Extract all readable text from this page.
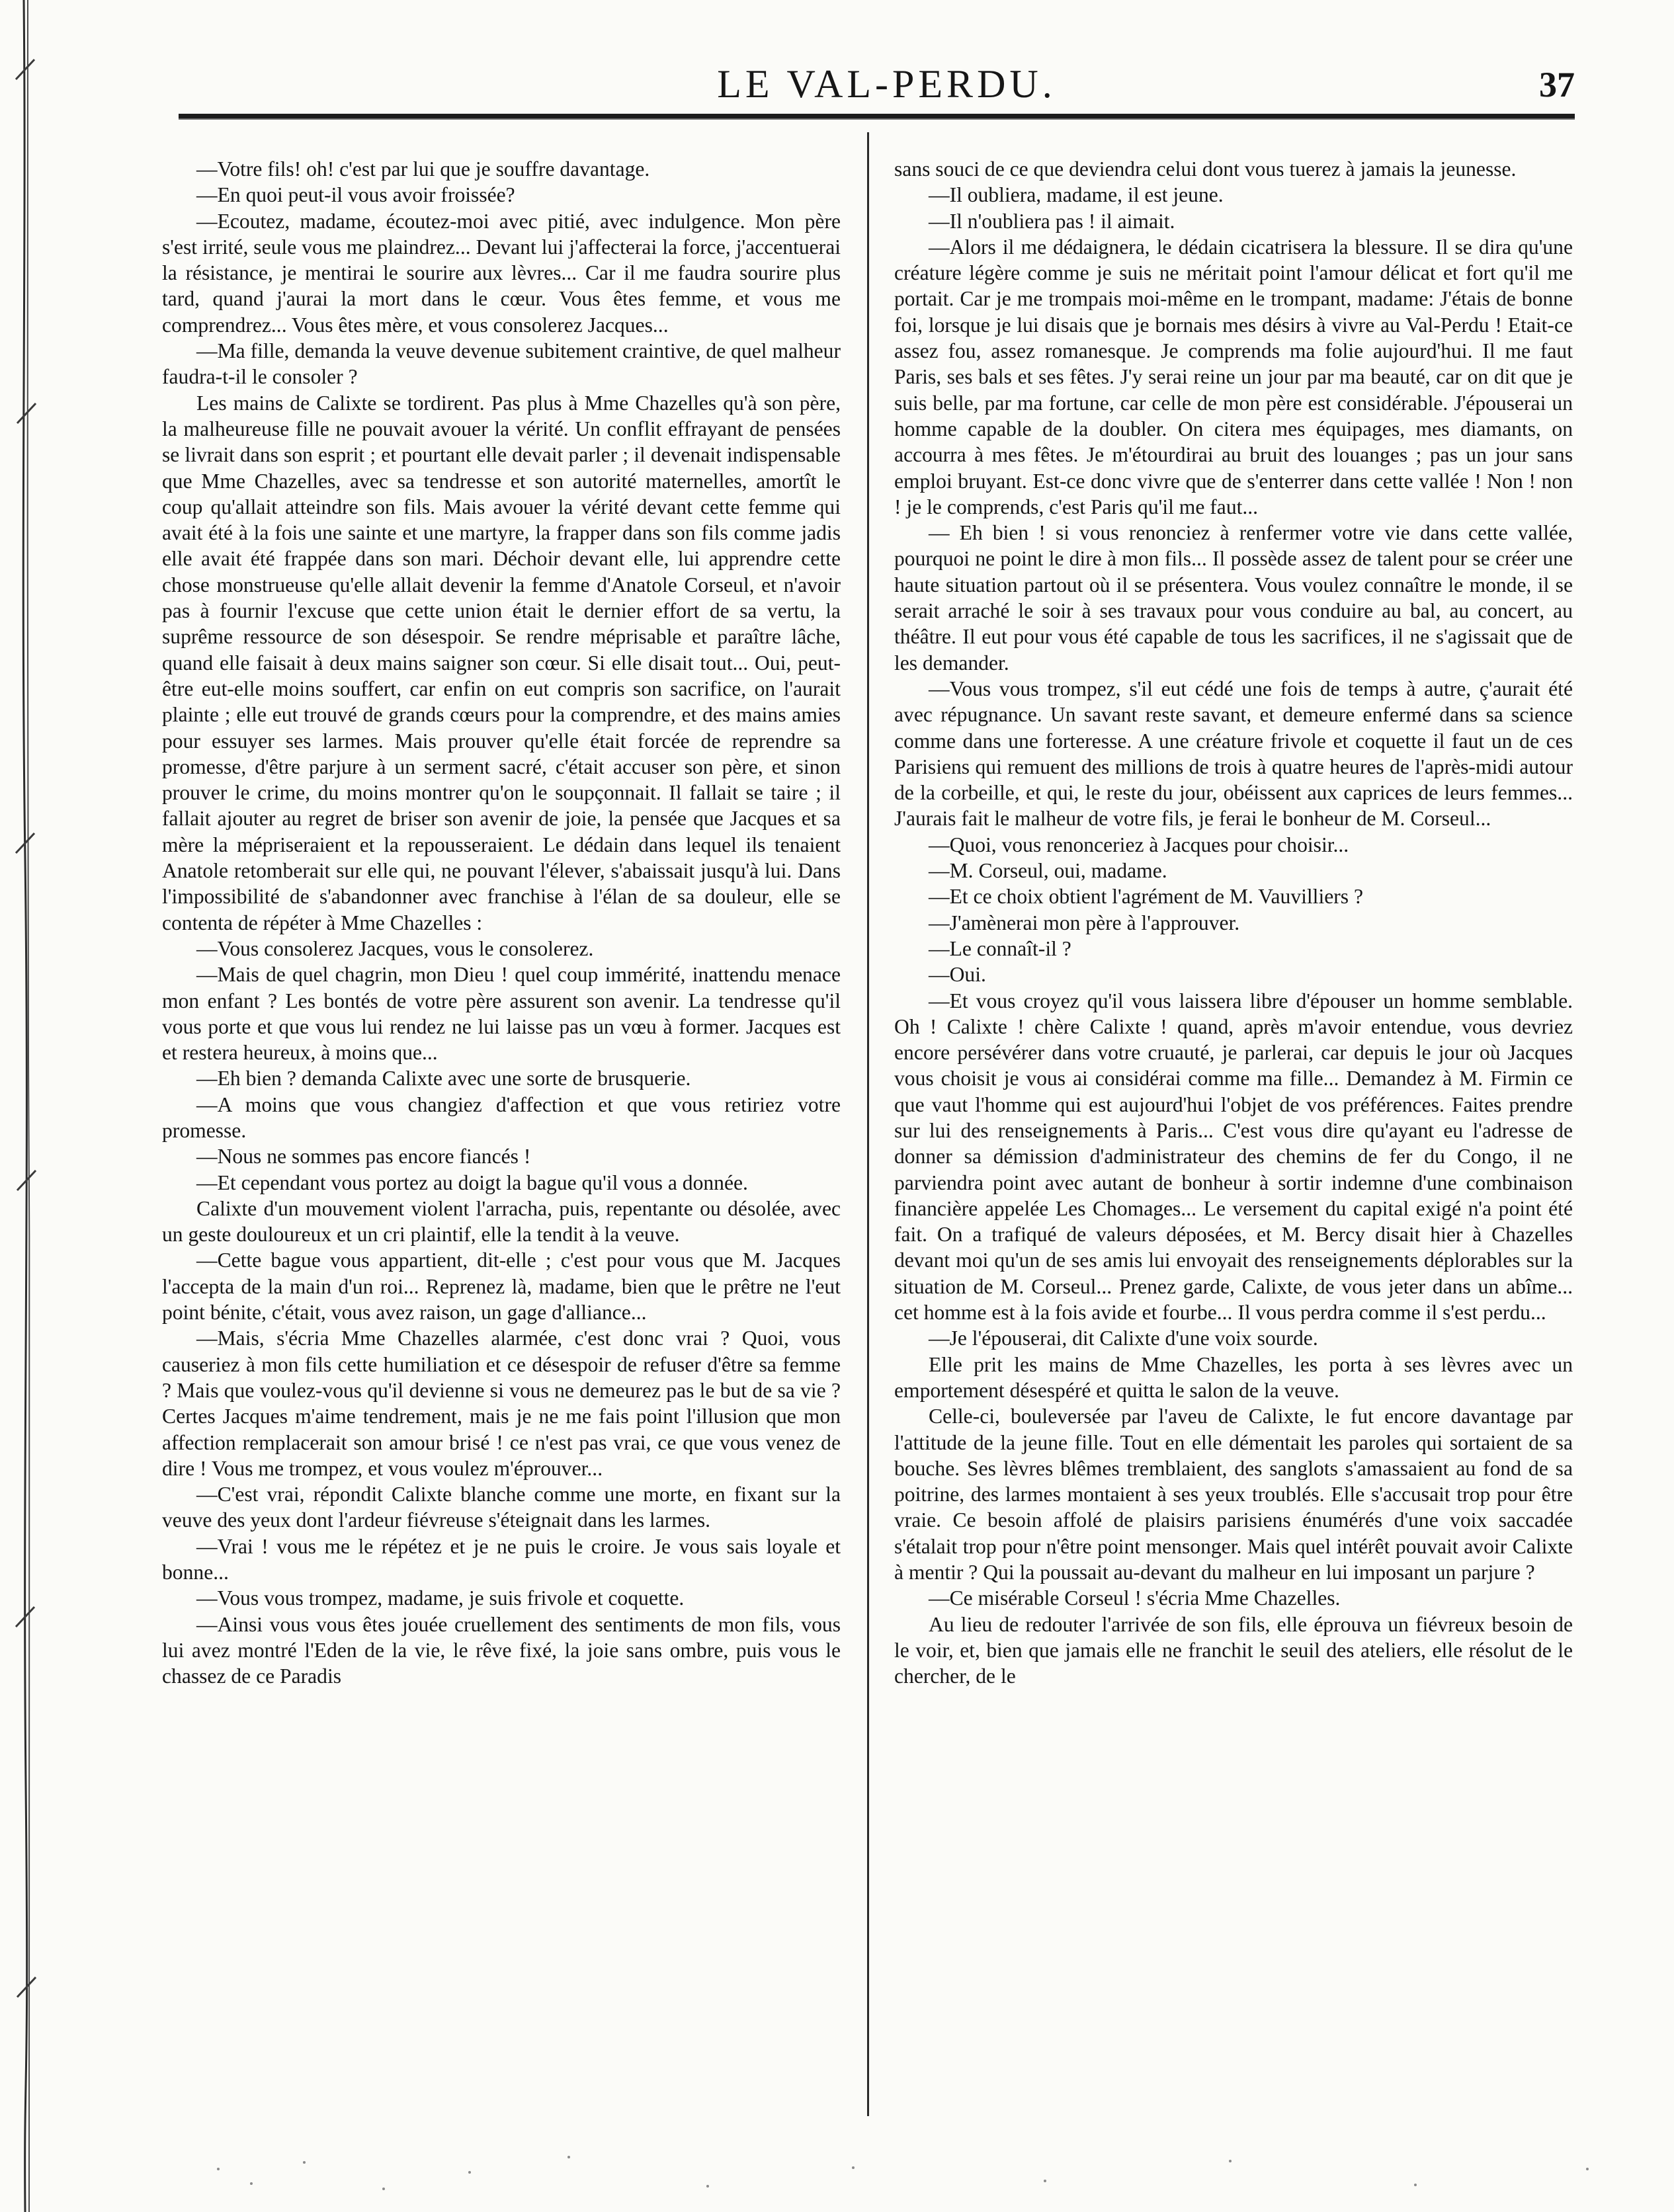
LE VAL-PERDU.	37

—Votre fils! oh! c'est par lui que je souffre davantage.

—En quoi peut-il vous avoir froissée?

—Ecoutez, madame, écoutez-moi avec pitié, avec indulgence. Mon père s'est irrité, seule vous me plaindrez... Devant lui j'affecterai la force, j'accentuerai la résistance, je mentirai le sourire aux lèvres... Car il me faudra sourire plus tard, quand j'aurai la mort dans le cœur. Vous êtes femme, et vous me comprendrez... Vous êtes mère, et vous consolerez Jacques...

—Ma fille, demanda la veuve devenue subitement craintive, de quel malheur faudra-t-il le consoler ?

Les mains de Calixte se tordirent. Pas plus à Mme Chazelles qu'à son père, la malheureuse fille ne pouvait avouer la vérité. Un conflit effrayant de pensées se livrait dans son esprit ; et pourtant elle devait parler ; il devenait indispensable que Mme Chazelles, avec sa tendresse et son autorité maternelles, amortît le coup qu'allait atteindre son fils. Mais avouer la vérité devant cette femme qui avait été à la fois une sainte et une martyre, la frapper dans son fils comme jadis elle avait été frappée dans son mari. Déchoir devant elle, lui apprendre cette chose monstrueuse qu'elle allait devenir la femme d'Anatole Corseul, et n'avoir pas à fournir l'excuse que cette union était le dernier effort de sa vertu, la suprême ressource de son désespoir. Se rendre méprisable et paraître lâche, quand elle faisait à deux mains saigner son cœur. Si elle disait tout... Oui, peut-être eut-elle moins souffert, car enfin on eut compris son sacrifice, on l'aurait plainte ; elle eut trouvé de grands cœurs pour la comprendre, et des mains amies pour essuyer ses larmes. Mais prouver qu'elle était forcée de reprendre sa promesse, d'être parjure à un serment sacré, c'était accuser son père, et sinon prouver le crime, du moins montrer qu'on le soupçonnait. Il fallait se taire ; il fallait ajouter au regret de briser son avenir de joie, la pensée que Jacques et sa mère la mépriseraient et la repousseraient. Le dédain dans lequel ils tenaient Anatole retomberait sur elle qui, ne pouvant l'élever, s'abaissait jusqu'à lui. Dans l'impossibilité de s'abandonner avec franchise à l'élan de sa douleur, elle se contenta de répéter à Mme Chazelles :

—Vous consolerez Jacques, vous le consolerez.

—Mais de quel chagrin, mon Dieu ! quel coup immérité, inattendu menace mon enfant ? Les bontés de votre père assurent son avenir. La tendresse qu'il vous porte et que vous lui rendez ne lui laisse pas un vœu à former. Jacques est et restera heureux, à moins que...

—Eh bien ? demanda Calixte avec une sorte de brusquerie.

—A moins que vous changiez d'affection et que vous retiriez votre promesse.

—Nous ne sommes pas encore fiancés !

—Et cependant vous portez au doigt la bague qu'il vous a donnée.

Calixte d'un mouvement violent l'arracha, puis, repentante ou désolée, avec un geste douloureux et un cri plaintif, elle la tendit à la veuve.

—Cette bague vous appartient, dit-elle ; c'est pour vous que M. Jacques l'accepta de la main d'un roi... Reprenez là, madame, bien que le prêtre ne l'eut point bénite, c'était, vous avez raison, un gage d'alliance...

—Mais, s'écria Mme Chazelles alarmée, c'est donc vrai ? Quoi, vous causeriez à mon fils cette humiliation et ce désespoir de refuser d'être sa femme ? Mais que voulez-vous qu'il devienne si vous ne demeurez pas le but de sa vie ? Certes Jacques m'aime tendrement, mais je ne me fais point l'illusion que mon affection remplacerait son amour brisé ! ce n'est pas vrai, ce que vous venez de dire ! Vous me trompez, et vous voulez m'éprouver...

—C'est vrai, répondit Calixte blanche comme une morte, en fixant sur la veuve des yeux dont l'ardeur fiévreuse s'éteignait dans les larmes.

—Vrai ! vous me le répétez et je ne puis le croire. Je vous sais loyale et bonne...

—Vous vous trompez, madame, je suis frivole et coquette.

—Ainsi vous vous êtes jouée cruellement des sentiments de mon fils, vous lui avez montré l'Eden de la vie, le rêve fixé, la joie sans ombre, puis vous le chassez de ce Paradis

sans souci de ce que deviendra celui dont vous tuerez à jamais la jeunesse.

—Il oubliera, madame, il est jeune.

—Il n'oubliera pas ! il aimait.

—Alors il me dédaignera, le dédain cicatrisera la blessure. Il se dira qu'une créature légère comme je suis ne méritait point l'amour délicat et fort qu'il me portait. Car je me trompais moi-même en le trompant, madame: J'étais de bonne foi, lorsque je lui disais que je bornais mes désirs à vivre au Val-Perdu ! Etait-ce assez fou, assez romanesque. Je comprends ma folie aujourd'hui. Il me faut Paris, ses bals et ses fêtes. J'y serai reine un jour par ma beauté, car on dit que je suis belle, par ma fortune, car celle de mon père est considérable. J'épouserai un homme capable de la doubler. On citera mes équipages, mes diamants, on accourra à mes fêtes. Je m'étourdirai au bruit des louanges ; pas un jour sans emploi bruyant. Est-ce donc vivre que de s'enterrer dans cette vallée ! Non ! non ! je le comprends, c'est Paris qu'il me faut...

— Eh bien ! si vous renonciez à renfermer votre vie dans cette vallée, pourquoi ne point le dire à mon fils... Il possède assez de talent pour se créer une haute situation partout où il se présentera. Vous voulez connaître le monde, il se serait arraché le soir à ses travaux pour vous conduire au bal, au concert, au théâtre. Il eut pour vous été capable de tous les sacrifices, il ne s'agissait que de les demander.

—Vous vous trompez, s'il eut cédé une fois de temps à autre, ç'aurait été avec répugnance. Un savant reste savant, et demeure enfermé dans sa science comme dans une forteresse. A une créature frivole et coquette il faut un de ces Parisiens qui remuent des millions de trois à quatre heures de l'après-midi autour de la corbeille, et qui, le reste du jour, obéissent aux caprices de leurs femmes... J'aurais fait le malheur de votre fils, je ferai le bonheur de M. Corseul...

—Quoi, vous renonceriez à Jacques pour choisir...

—M. Corseul, oui, madame.

—Et ce choix obtient l'agrément de M. Vauvilliers ?

—J'amènerai mon père à l'approuver.

—Le connaît-il ?

—Oui.

—Et vous croyez qu'il vous laissera libre d'épouser un homme semblable. Oh ! Calixte ! chère Calixte ! quand, après m'avoir entendue, vous devriez encore persévérer dans votre cruauté, je parlerai, car depuis le jour où Jacques vous choisit je vous ai considérai comme ma fille... Demandez à M. Firmin ce que vaut l'homme qui est aujourd'hui l'objet de vos préférences. Faites prendre sur lui des renseignements à Paris... C'est vous dire qu'ayant eu l'adresse de donner sa démission d'administrateur des chemins de fer du Congo, il ne parviendra point avec autant de bonheur à sortir indemne d'une combinaison financière appelée Les Chomages... Le versement du capital exigé n'a point été fait. On a trafiqué de valeurs déposées, et M. Bercy disait hier à Chazelles devant moi qu'un de ses amis lui envoyait des renseignements déplorables sur la situation de M. Corseul... Prenez garde, Calixte, de vous jeter dans un abîme... cet homme est à la fois avide et fourbe... Il vous perdra comme il s'est perdu...

—Je l'épouserai, dit Calixte d'une voix sourde.

Elle prit les mains de Mme Chazelles, les porta à ses lèvres avec un emportement désespéré et quitta le salon de la veuve.

Celle-ci, bouleversée par l'aveu de Calixte, le fut encore davantage par l'attitude de la jeune fille. Tout en elle démentait les paroles qui sortaient de sa bouche. Ses lèvres blêmes tremblaient, des sanglots s'amassaient au fond de sa poitrine, des larmes montaient à ses yeux troublés. Elle s'accusait trop pour être vraie. Ce besoin affolé de plaisirs parisiens énumérés d'une voix saccadée s'étalait trop pour n'être point mensonger. Mais quel intérêt pouvait avoir Calixte à mentir ? Qui la poussait au-devant du malheur en lui imposant un parjure ?

—Ce misérable Corseul ! s'écria Mme Chazelles.

Au lieu de redouter l'arrivée de son fils, elle éprouva un fiévreux besoin de le voir, et, bien que jamais elle ne franchit le seuil des ateliers, elle résolut de le chercher, de le
